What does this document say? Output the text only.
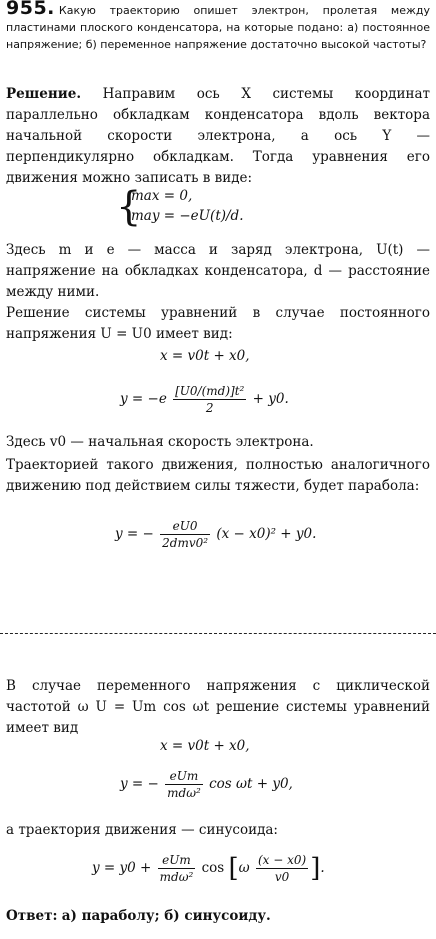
955. Какую траекторию опишет электрон, пролетая между пластинами плоского конденсатора, на которые подано: а) постоянное напряжение; б) переменное напряжение достаточно высокой частоты?
Решение. Направим ось X системы координат параллельно обкладкам конденсатора вдоль вектора начальной скорости электрона, а ось Y — перпендикулярно обкладкам. Тогда уравнения его движения можно записать в виде:
{
max = 0,
may = −eU(t)/d.
Здесь m и e — масса и заряд электрона, U(t) — напряжение на обкладках конденсатора, d — расстояние между ними.
Решение системы уравнений в случае постоянного напряжения U = U0 имеет вид:
x = v0t + x0,
$y = -e \frac{\text{[U0/(md)]t²}}{2} + y0$.
Здесь v0 — начальная скорость электрона.
Траекторией такого движения, полностью аналогичного движению под действием силы тяжести, будет парабола:
y = − $\frac{eU0}{\text{2dmv0²}} (x - x0)^2 + y0$.
В случае переменного напряжения с циклической частотой ω U = Um cos ωt решение системы уравнений имеет вид
x = v0t + x0,
y = − $\frac{\text{eUm}}{\text{mdω²}}$ cos ωt + y0,
а траектория движения — синусоида:
$y = y0 + \frac{\text{eUm}}{\text{mdω²}}$ $\cos [\omega \frac{(x - x0)}{v0}$ ].
Ответ: а) параболу; б) синусоиду.
